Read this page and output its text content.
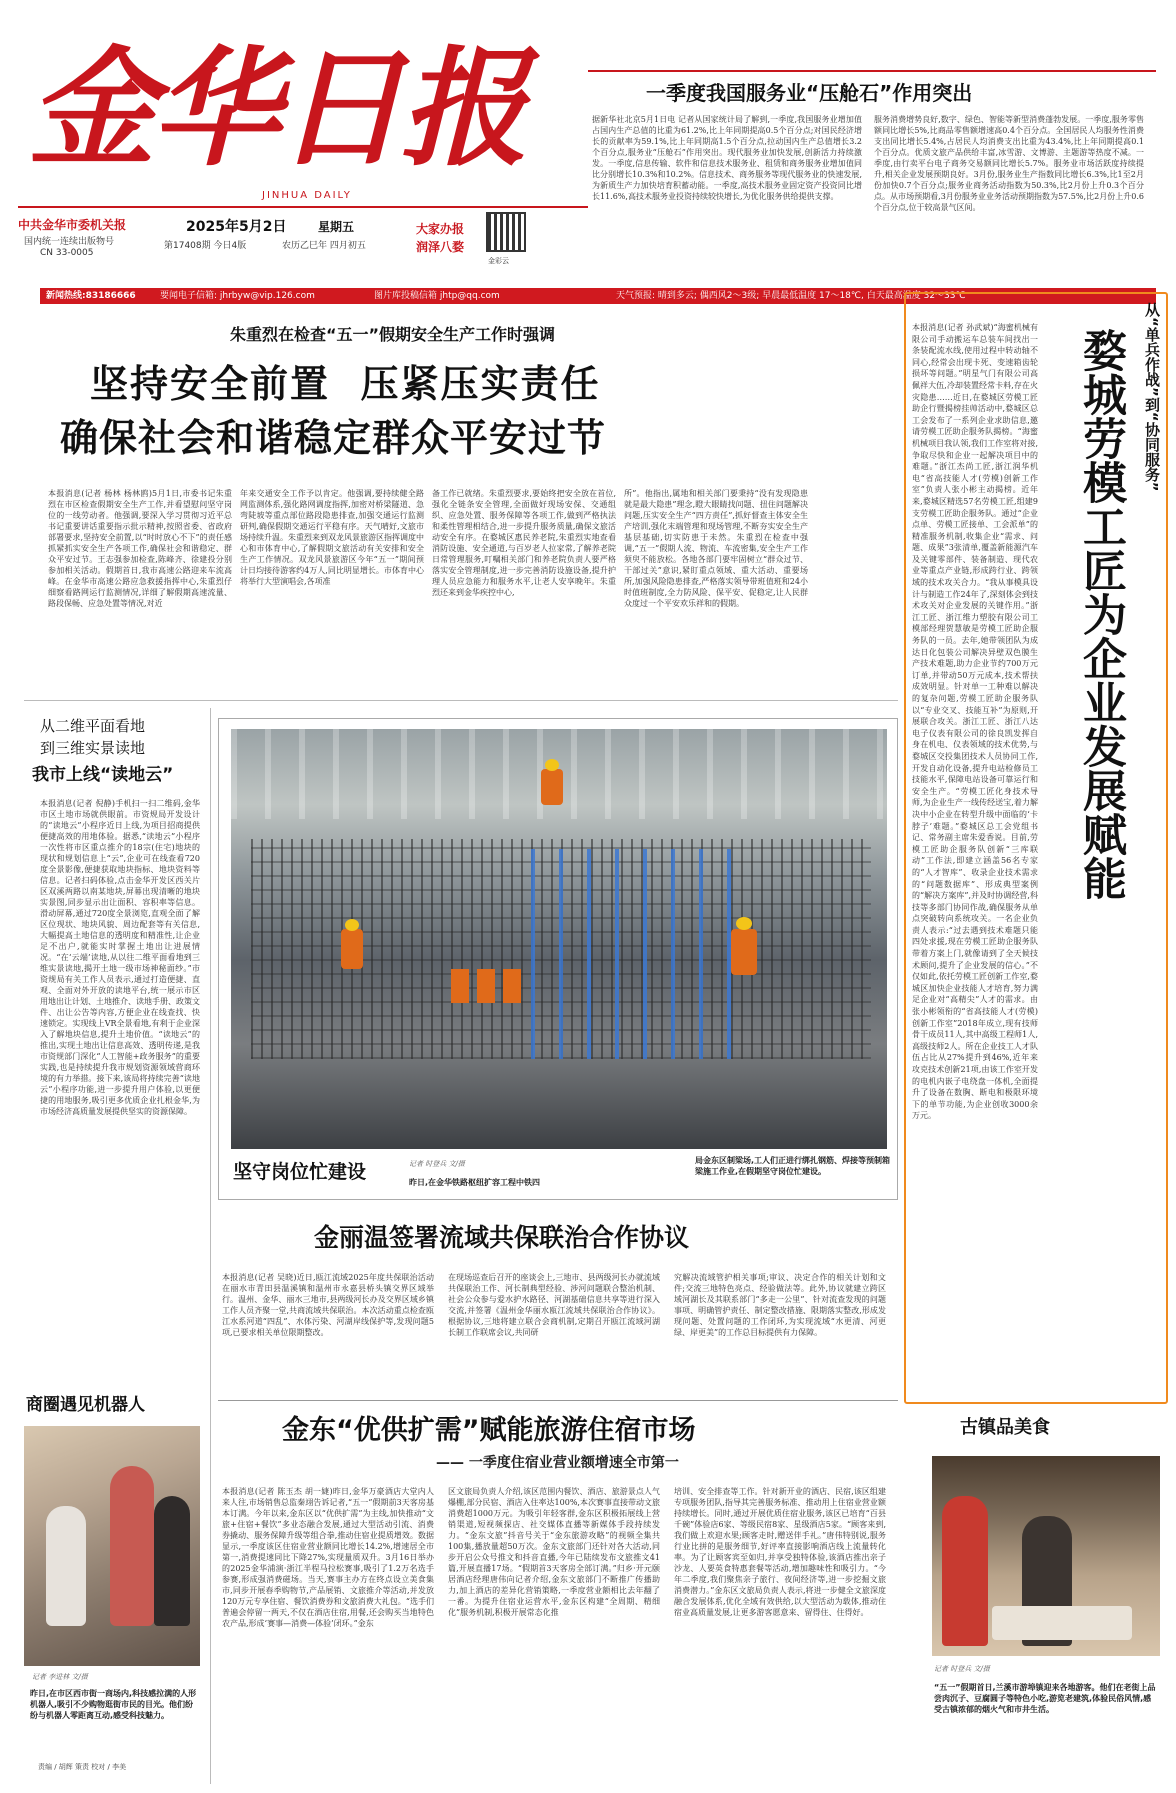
金华日报
JINHUA DAILY
中共金华市委机关报
国内统一连续出版物号
CN 33-0005
2025年5月2日	星期五
第17408期 今日4版	农历乙巳年 四月初五
大家办报
润泽八婺
金彩云
一季度我国服务业“压舱石”作用突出
据新华社北京5月1日电 记者从国家统计局了解到,一季度,我国服务业增加值占国内生产总值的比重为61.2%,比上年同期提高0.5个百分点;对国民经济增长的贡献率为59.1%,比上年同期高1.5个百分点,拉动国内生产总值增长3.2个百分点,服务业“压舱石”作用突出。现代服务业加快发展,创新活力持续激发。一季度,信息传输、软件和信息技术服务业、租赁和商务服务业增加值同比分别增长10.3%和10.2%。信息技术、商务服务等现代服务业的快速发展,为新质生产力加快培育积蓄动能。一季度,高技术服务业固定资产投资同比增长11.6%,高技术服务业投资持续较快增长,为优化服务供给提供支撑。
服务消费增势良好,数字、绿色、智能等新型消费蓬勃发展。一季度,服务零售额同比增长5%,比商品零售额增速高0.4个百分点。全国居民人均服务性消费支出同比增长5.4%,占居民人均消费支出比重为43.4%,比上年同期提高0.1个百分点。优质文旅产品供给丰富,冰雪游、文博游、主题游等热度不减。一季度,由行卖平台电子商务交易额同比增长5.7%。服务业市场活跃度持续提升,相关企业发展预期良好。3月份,服务业生产指数同比增长6.3%,比1至2月份加快0.7个百分点;服务业商务活动指数为50.3%,比2月份上升0.3个百分点。从市场预期看,3月份服务业业务活动预期指数为57.5%,比2月份上升0.6个百分点,位于较高景气区间。
新闻热线:83186666	要闻电子信箱: jhrbyw@vip.126.com	图片库投稿信箱 jhtp@qq.com	天气预报: 晴到多云; 偶西风2～3级; 早晨最低温度 17～18℃, 白天最高温度 32～33℃
朱重烈在检查“五一”假期安全生产工作时强调
坚持安全前置  压紧压实责任
确保社会和谐稳定群众平安过节
本报消息(记者 杨林 杨林鸥)5月1日,市委书记朱重烈在市区检查假期安全生产工作,并看望慰问坚守岗位的一线劳动者。他强调,要深入学习贯彻习近平总书记重要讲话重要指示批示精神,按照省委、省政府部署要求,坚持安全前置,以“时时放心不下”的责任感抓紧抓实安全生产各项工作,确保社会和谐稳定、群众平安过节。王志强参加检查,陈峰齐、徐建投分别参加相关活动。假期首日,我市高速公路迎来车流高峰。在金华市高速公路应急救援指挥中心,朱重烈仔细察看路网运行监测情况,详细了解假期高速流量、路段保畅、应急处置等情况,对近
年来交通安全工作予以肯定。他强调,要持续健全路网监测体系,强化路网调度指挥,加密对桥梁隧道、急弯陡坡等重点部位路段隐患排查,加强交通运行监测研判,确保假期交通运行平稳有序。天气晴好,文旅市场持续升温。朱重烈来到双龙风景旅游区指挥调度中心和市体育中心,了解假期文旅活动有关安排和安全生产工作情况。双龙风景旅游区今年“五一”期间预计日均接待游客约4万人,同比明显增长。市体育中心将举行大型演唱会,各项准
备工作已就绪。朱重烈要求,要始终把安全放在首位,强化全链条安全管理,全面做好现场安保、交通组织、应急处置、服务保障等各项工作,做到严格执法和柔性管理相结合,进一步提升服务质量,确保文旅活动安全有序。在婺城区惠民养老院,朱重烈实地查看消防设施、安全通道,与百岁老人拉家常,了解养老院日常管理服务,叮嘱相关部门和养老院负责人要严格落实安全管理制度,进一步完善消防设施设备,提升护理人员应急能力和服务水平,让老人安享晚年。朱重烈还来到金华疾控中心,
所”。他指出,属地和相关部门要秉持“没有发现隐患就是最大隐患”理念,瞪大眼睛找问题、扭住问题解决问题,压实安全生产“四方责任”,抓好督查主体安全生产培训,强化末端管理和现场管理,不断夯实安全生产基层基础,切实防患于未然。朱重烈在检查中强调,“五一”假期人流、物流、车流密集,安全生产工作须臾不能放松。各地各部门要牢固树立“群众过节、干部过关”意识,紧盯重点领域、重大活动、重要场所,加强风险隐患排查,严格落实领导带班值班和24小时值班制度,全力防风险、保平安、促稳定,让人民群众度过一个平安欢乐祥和的假期。
本报消息(记者 孙武斌)“海蜜机械有限公司手动搬运车总装车间找出一条装配流水线,使用过程中转动轴不同心,经常会出现卡死、变速箱齿轮损坏等问题。”明星气门有限公司高佩祥大伍,冷却装置经常卡料,存在火灾隐患……近日,在婺城区劳模工匠助企行暨揭榜挂帅活动中,婺城区总工会发布了一系列企业求助信息,邀请劳模工匠助企服务队揭榜。“海蜜机械项目我认领,我们工作室将对接,争取尽快和企业一起解决项目中的难题。”浙江杰尚工匠,浙江润华机电“省高技能人才(劳模)创新工作室”负责人张小彬主动揭榜。近年来,婺城区精选57名劳模工匠,组建9支劳模工匠助企服务队。通过“企业点单、劳模工匠接单、工会派单”的精准服务机制,收集企业“需求、问题、成果”3张清单,覆盖新能源汽车及关键零部件、装备制造、现代农业等重点产业链,形成跨行业、跨领域的技术攻关合力。“我从事模具设计与制造工作24年了,深刻体会到技术攻关对企业发展的关键作用。”浙江工匠、浙江维力塑胶有限公司工模部经理贺慧敏是劳模工匠助企服务队的一员。去年,她带领团队为成达日化包装公司解决异壁双色膜生产技术难题,助力企业节约700万元订单,并带动50万元成本,技术帮扶成效明显。针对单一工种难以解决的复杂问题,劳模工匠助企服务队以“专业交叉、技能互补”为原则,开展联合攻关。浙江工匠、浙江八达电子仪表有限公司的徐良凯发挥自身在机电、仪表领域的技术优势,与婺城区交投集团技术人员协同工作,开发自动化设备,提升电站检修员工技能水平,保障电站设备可靠运行和安全生产。“劳模工匠化身技术导师,为企业生产一线传经送宝,着力解决中小企业在转型升级中面临的‘卡脖子’难题。”婺城区总工会党组书记、常务副主席朱爱香说。目前,劳模工匠助企服务队创新“三库联动”工作法,即建立涵盖56名专家的“人才智库”、收录企业技术需求的“问题数据库”、形成典型案例的“解决方案库”,并及时协调经营,科技等多部门协同作战,确保服务从单点突破转向系统攻关。一名企业负责人表示:“过去遇到技术难题只能四处求援,现在劳模工匠助企服务队带着方案上门,就像请到了全天候技术顾问,提升了企业发展的信心。”不仅如此,依托劳模工匠创新工作室,婺城区加快企业技能人才培育,努力满足企业对“高精尖”人才的需求。由张小彬领衔的“省高技能人才(劳模)创新工作室”2018年成立,现有技师骨干成员11人,其中高级工程师1人,高级技师2人。所在企业技工人才队伍占比从27%提升到46%,近年来攻克技术创新21项,由该工作室开发的电机内嵌子电绕盘一体机,全面提升了设备在数胸、断电和极限环境下的单节功能,为企业创收3000余万元。
从“单兵作战”到“协同服务”
婺城劳模工匠为企业发展赋能
从二维平面看地
到三维实景读地
我市上线“读地云”
本报消息(记者 倪静)手机扫一扫二维码,金华市区土地市场就供眼前。市资规局开发设计的“读地云”小程序近日上线,为项目招商提供便捷高效的用地体验。据悉,“读地云”小程序一次性将市区重点推介的18宗(住宅)地块的现状和规划信息上“云”,企业可在线查看720度全景影像,便捷获取地块指标、地块资料等信息。记者扫码体验,点击金华开发区西关片区双溪两路以南某地块,屏幕出现清晰的地块实景图,同步显示出让面积、容积率等信息。滑动屏幕,通过720度全景浏览,直观全面了解区位现状、地块风貌、周边配套等有关信息,大幅提高土地信息的透明度和精准性,让企业足不出户,就能实时掌握土地出让进展情况。“在‘云端’读地,从以往二维平面看地到三维实景读地,揭开土地一级市场神秘面纱。”市资规局有关工作人员表示,通过打造便捷、直观、全面对外开放的读地平台,统一展示市区用地出让计划、土地推介、读地手册、政策文件、出让公告等内容,方便企业在线查找、快速锁定。实现线上VR全景看地,有利于企业深入了解地块信息,提升土地价值。“读地云”的推出,实现土地出让信息高效、透明传递,是我市资规部门深化“人工智能+政务服务”的重要实践,也是持续提升我市规划资源领域营商环境的有力举措。接下来,该局将持续完善“读地云”小程序功能,进一步提升用户体验,以更便捷的用地服务,吸引更多优质企业扎根金华,为市场经济高质量发展提供坚实的资源保障。
坚守岗位忙建设	记者 时登兵 文/摄	局金东区制梁场,工人们正进行绑扎钢筋、焊接等预制箱梁施工作业,在假期坚守岗位忙建设。
昨日,在金华铁路枢纽扩容工程中铁四
金丽温签署流域共保联治合作协议
本报消息(记者 吴晓)近日,瓯江流域2025年度共保联治活动在丽水市青田县温溪镇和温州市永嘉县桥头镇交界区域举行。温州、金华、丽水三地市,县两级河长办及交界区域乡镇工作人员齐聚一堂,共商流域共保联治。本次活动重点检查瓯江水系河道“四乱”、水体污染、河湖岸线保护等,发现问题5项,已要求相关单位限期整改。
在现场巡查后召开的座谈会上,三地市、县两级河长办就流域共保联治工作、河长制典型经验、涉河问题联合整治机制、社会公众参与爱水护水路径、河湖基础信息共享等进行深入交流,并签署《温州金华丽水瓯江流域共保联治合作协议》。根据协议,三地将建立联合会商机制,定期召开瓯江流域河湖长制工作联席会议,共同研
究解决流域管护相关事项;审议、决定合作的相关计划和文件;交流三地特色亮点、经验做法等。此外,协议就建立跨区域河湖长及其联系部门“多走一公里”、针对流查发现的问题事项、明确管护责任、制定整改措施、限期落实整改,形成发现问题、处置问题的工作闭环,为实现流域“水更清、河更绿、岸更美”的工作总目标提供有力保障。
商圈遇见机器人
记者 李进林 文/摄
昨日,在市区西市街一商场内,科技感拉满的人形机器人,吸引不少购物逛街市民的目光。他们纷纷与机器人零距离互动,感受科技魅力。
责编 / 胡辉 策责 校对 / 李美
金东“优供扩需”赋能旅游住宿市场
—— 一季度住宿业营业额增速全市第一
本报消息(记者 陈玉杰 胡一婕)昨日,金华万豪酒店大堂内人来人往,市场销售总监秦翊告诉记者,“五一”假期前3天客房基本订满。今年以来,金东区以“优供扩需”为主线,加快推动“文旅+住宿+餐饮”多业态融合发展,通过大型活动引流、消费券撬动、服务保障升级等组合拳,推动住宿业提质增效。数据显示,一季度该区住宿业营业额同比增长14.2%,增速居全市第一,消费提速同比下降27%,实现量质双升。3月16日举办的2025金华浦演·浙江半程马拉松赛事,吸引了1.2万名选手参赛,形成强消费磁场。当天,赛事主办方在终点设立美食集市,同步开展春季购物节,产品展销、文旅推介等活动,并发放120万元专享住宿、餐饮消费券和文旅消费大礼包。“选手们普遍会停留一两天,不仅在酒店住宿,用餐,还会购买当地特色农产品,形成‘赛事—消费—体验’闭环。”金东
区文旅局负责人介绍,该区范围内餐饮、酒店、旅游景点人气爆棚,部分民宿、酒店入住率达100%,本次赛事直接带动文旅消费超1000万元。为吸引年轻客群,金东区积极拓展线上营销渠道,短视频探店、社交媒体直播等新媒体手段持续发力。“金东文旅”抖音号关于“金东旅游攻略”的视频全集共100集,播放量超50万次。金东文旅部门还针对各大活动,同步开启公众号推文和抖音直播,今年已陆续发布文旅推文41篇,开展直播17场。“假期首3天客房全部订满。”归乡·开元颐居酒店经理唐伟向记者介绍,金东文旅部门不断推广传播助力,加上酒店的差异化营销策略,一季度营业额相比去年翻了一番。为提升住宿业运营水平,金东区构建“全周期、精细化”服务机制,积极开展常态化推
培训、安全排查等工作。针对新开业的酒店、民宿,该区组建专项服务团队,指导其完善服务标准、推动用上住宿业营业额持续增长。同时,通过开展优质住宿业服务,该区已培育“百县千碗”体验店6家、等级民宿8家、星级酒店5家。“顾客来到,我们做上欢迎水果;顾客走时,赠送伴手礼。”唐伟特别说,服务行业比拼的是服务细节,好评率直接影响酒店线上流量转化率。为了让顾客宾至如归,并享受独特体验,该酒店推出亲子沙龙、人要英食特惠套餐等活动,增加趣味性和吸引力。“今年二季度,我们聚焦亲子旅行、夜间经济等,进一步挖掘文旅消费潜力。”金东区文旅局负责人表示,将进一步健全文旅深度融合发展体系,优化全域有效供给,以大型活动为载体,推动住宿业高质量发展,让更多游客愿意来、留得住、住得好。
古镇品美食
记者 时登兵 文/摄
“五一”假期首日,兰溪市游埠镇迎来各地游客。他们在老街上品尝肉沉子、豆腐圆子等特色小吃,游览老建筑,体验民俗风情,感受古镇浓郁的烟火气和市井生活。
